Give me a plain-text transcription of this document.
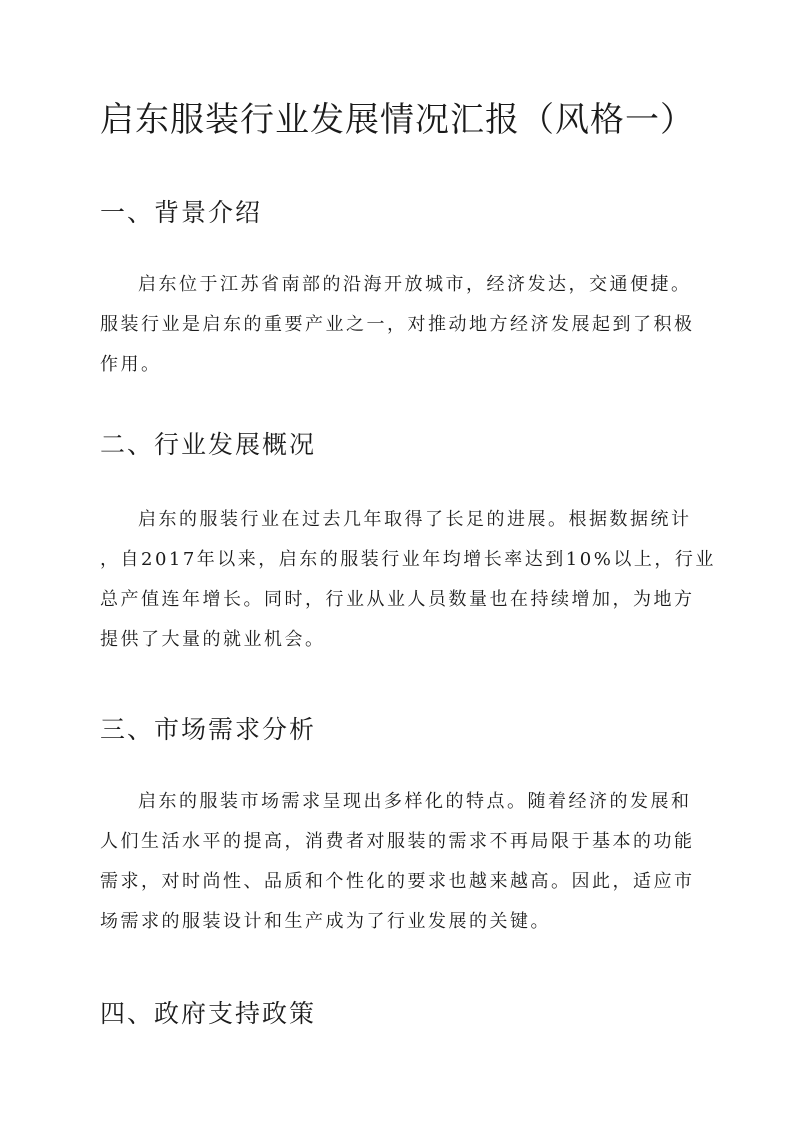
启东服装行业发展情况汇报（风格一）
一、背景介绍
启东位于江苏省南部的沿海开放城市，经济发达，交通便捷。
服装行业是启东的重要产业之一，对推动地方经济发展起到了积极
作用。
二、行业发展概况
启东的服装行业在过去几年取得了长足的进展。根据数据统计
，自2017年以来，启东的服装行业年均增长率达到10%以上，行业
总产值连年增长。同时，行业从业人员数量也在持续增加，为地方
提供了大量的就业机会。
三、市场需求分析
启东的服装市场需求呈现出多样化的特点。随着经济的发展和
人们生活水平的提高，消费者对服装的需求不再局限于基本的功能
需求，对时尚性、品质和个性化的要求也越来越高。因此，适应市
场需求的服装设计和生产成为了行业发展的关键。
四、政府支持政策
